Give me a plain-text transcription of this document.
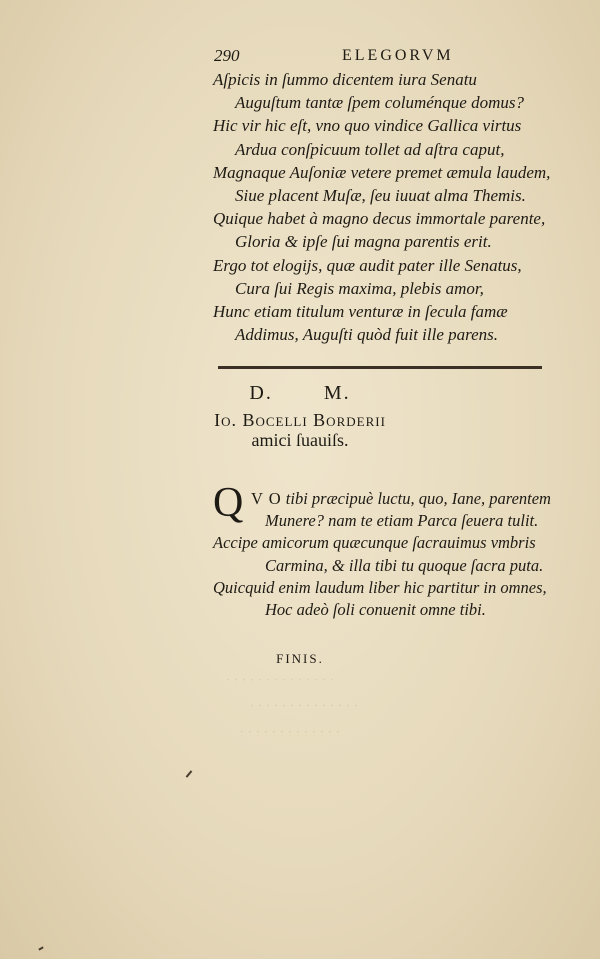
· · · · · · · · · · · · · ·
· · · · · · · · · · · · · ·
· · · · · · · · · · · · ·
290	ELEGORVM
Aſpicis in ſummo dicentem iura Senatu
Auguſtum tantæ ſpem columénque domus?
Hic vir hic eſt, vno quo vindice Gallica virtus
Ardua conſpicuum tollet ad aſtra caput,
Magnaque Auſoniæ vetere premet æmula laudem,
Siue placent Muſæ, ſeu iuuat alma Themis.
Quique habet à magno decus immortale parente,
Gloria & ipſe ſui magna parentis erit.
Ergo tot elogijs, quæ audit pater ille Senatus,
Cura ſui Regis maxima, plebis amor,
Hunc etiam titulum venturæ in ſecula famæ
Addimus, Auguſti quòd fuit ille parens.
D.	M.
Io. Bocelli Borderii
amici ſuauiſs.
Q V O tibi præcipuè luctu, quo, Iane, parentem
Munere? nam te etiam Parca ſeuera tulit.
Accipe amicorum quæcunque ſacrauimus vmbris
Carmina, & illa tibi tu quoque ſacra puta.
Quicquid enim laudum liber hic partitur in omnes,
Hoc adeò ſoli conuenit omne tibi.
FINIS.
